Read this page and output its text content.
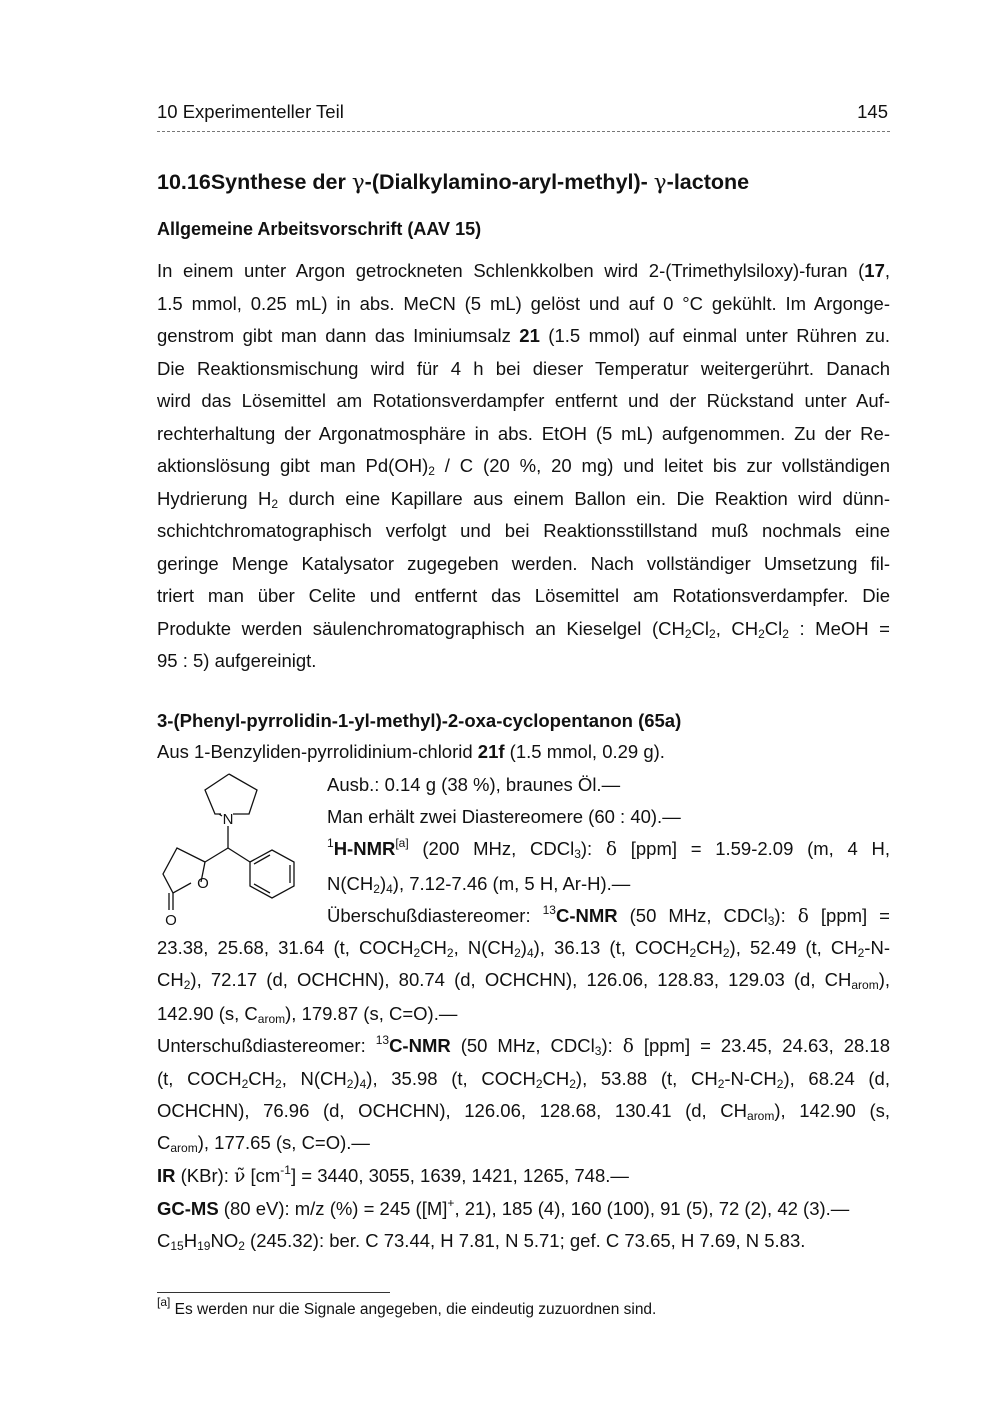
10 Experimenteller Teil	145
10.16Synthese der γ-(Dialkylamino-aryl-methyl)- γ-lactone
Allgemeine Arbeitsvorschrift (AAV 15)
In einem unter Argon getrockneten Schlenkkolben wird 2-(Trimethylsiloxy)-furan (17,
1.5 mmol, 0.25 mL) in abs. MeCN (5 mL) gelöst und auf 0 °C gekühlt. Im Argonge-
genstrom gibt man dann das Iminiumsalz 21 (1.5 mmol) auf einmal unter Rühren zu.
Die Reaktionsmischung wird für 4 h bei dieser Temperatur weitergerührt. Danach
wird das Lösemittel am Rotationsverdampfer entfernt und der Rückstand unter Auf-
rechterhaltung der Argonatmosphäre in abs. EtOH (5 mL) aufgenommen. Zu der Re-
aktionslösung gibt man $Pd(OH)_2$ / C (20 %, 20 mg) und leitet bis zur vollständigen
Hydrierung $H_2$ durch eine Kapillare aus einem Ballon ein. Die Reaktion wird dünn-
schichtchromatographisch verfolgt und bei Reaktionsstillstand muß nochmals eine
geringe Menge Katalysator zugegeben werden. Nach vollständiger Umsetzung fil-
triert man über Celite und entfernt das Lösemittel am Rotationsverdampfer. Die
Produkte werden säulenchromatographisch an Kieselgel ($CH_2Cl_2$, $CH_2Cl_2$ : MeOH =
95 : 5) aufgereinigt.
3-(Phenyl-pyrrolidin-1-yl-methyl)-2-oxa-cyclopentanon (65a)
Aus 1-Benzyliden-pyrrolidinium-chlorid 21f (1.5 mmol, 0.29 g).
N
O
O
Ausb.: 0.14 g (38 %), braunes Öl.—
Man erhält zwei Diastereomere (60 : 40).—
$^1$H-NMR[a] (200 MHz, CDCl$_3$): δ [ppm] = 1.59-2.09 (m, 4 H,
$N(CH_2)_4$), 7.12-7.46 (m, 5 H, Ar-H).—
Überschußdiastereomer: $^{13}$C-NMR (50 MHz, CDCl$_3$): δ [ppm] =
23.38, 25.68, 31.64 (t, $COCH_2CH_2$, $N(CH_2)_4$), 36.13 (t, $COCH_2CH_2$), 52.49 (t, $CH_2-N-$
$CH_2$), 72.17 (d, OCHCHN), 80.74 (d, OCHCHN), 126.06, 128.83, 129.03 (d, $CH_{arom}$),
142.90 (s, $C_{arom}$), 179.87 (s, C=O).—
Unterschußdiastereomer: $^{13}$C-NMR (50 MHz, CDCl$_3$): δ [ppm] = 23.45, 24.63, 28.18
(t, $COCH_2CH_2$, $N(CH_2)_4$), 35.98 (t, $COCH_2CH_2$), 53.88 (t, $CH_2-N-CH_2$), 68.24 (d,
OCHCHN), 76.96 (d, OCHCHN), 126.06, 128.68, 130.41 (d, $CH_{arom}$), 142.90 (s,
$C_{arom}$), 177.65 (s, C=O).—
IR (KBr): ν̃ $[cm^{-1}] = 3440$, 3055, 1639, 1421, 1265, 748.—
GC-MS (80 eV): m/z (%) = 245 ([M]+, 21), 185 (4), 160 (100), 91 (5), 72 (2), 42 (3).—
$C_{15}H_{19}NO_2$ (245.32): ber. C 73.44, H 7.81, N 5.71; gef. C 73.65, H 7.69, N 5.83.
[a] Es werden nur die Signale angegeben, die eindeutig zuzuordnen sind.
